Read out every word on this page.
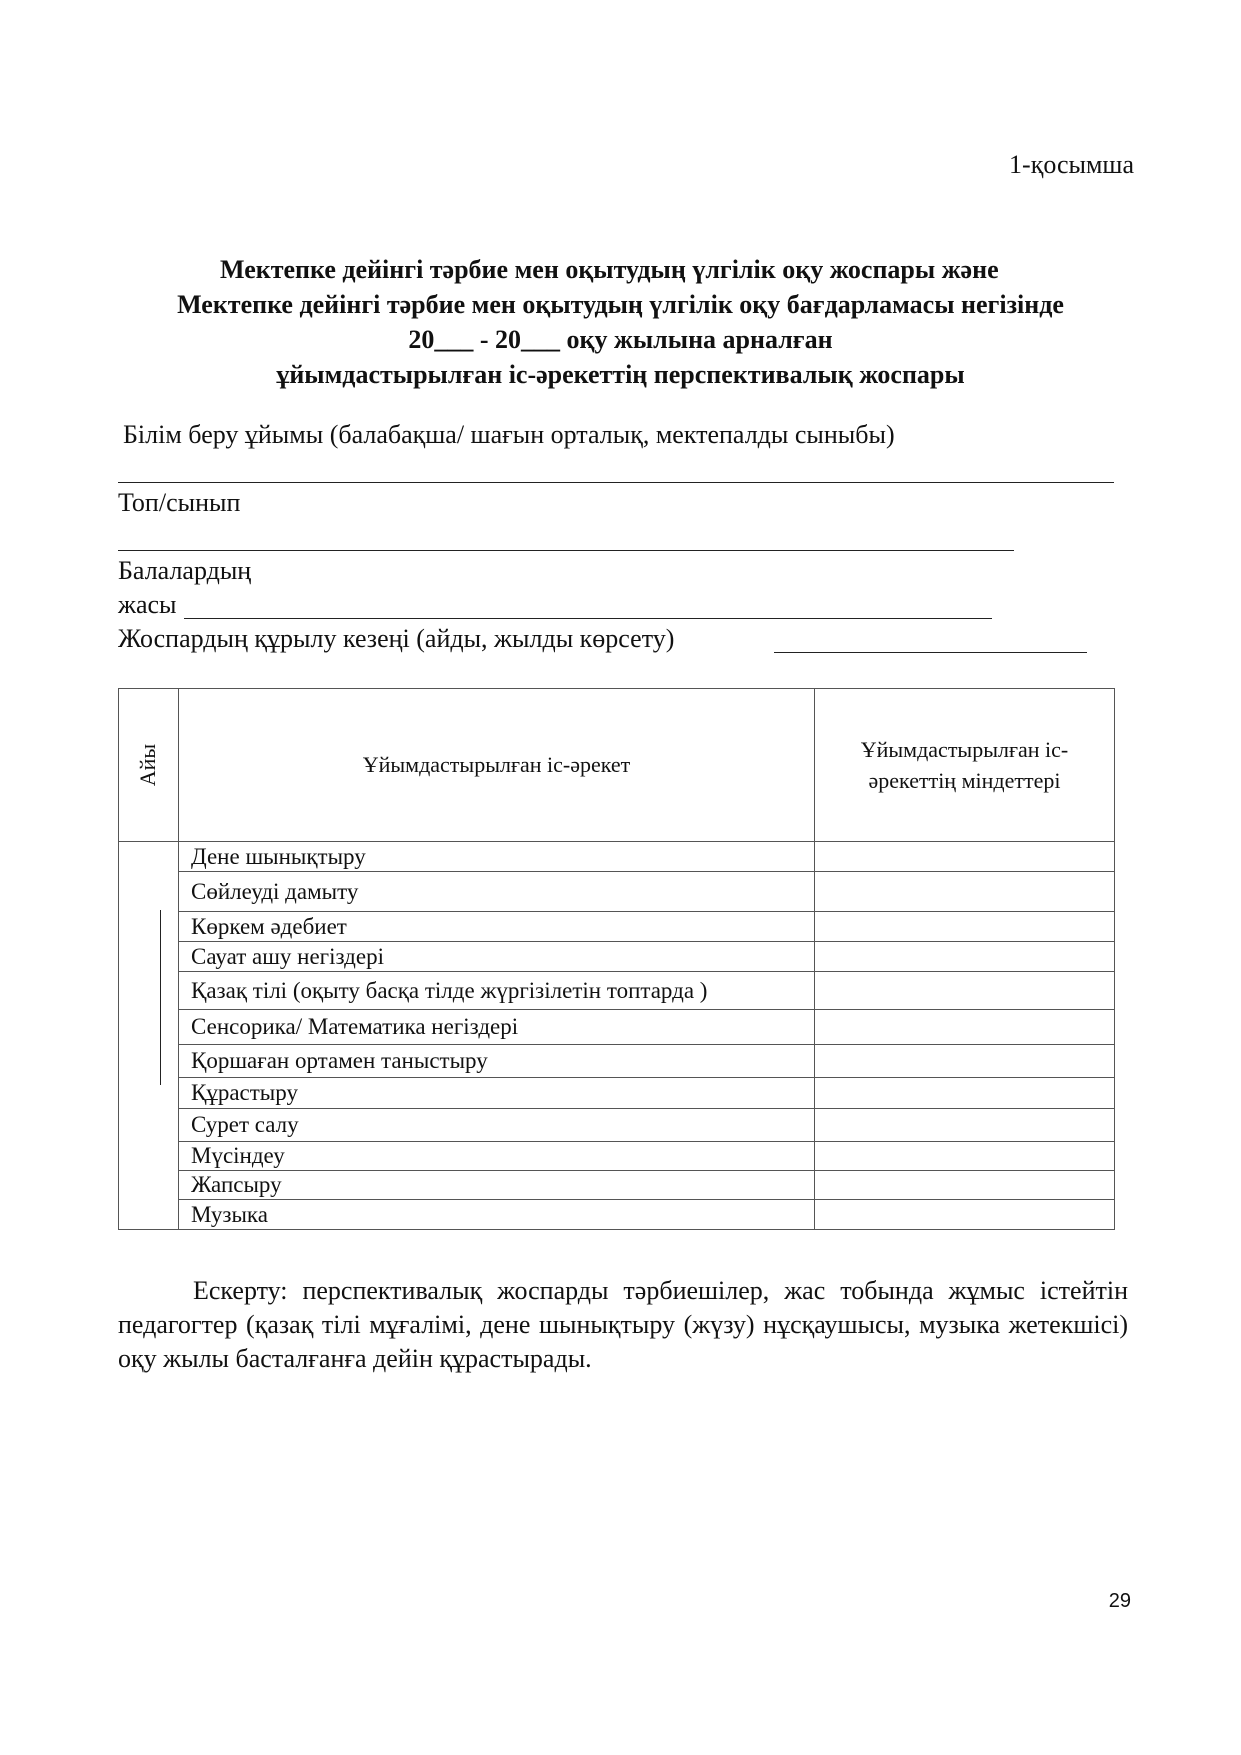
1-қосымша
Мектепке дейінгі тәрбие мен оқытудың үлгілік оқу жоспары және
Мектепке дейінгі тәрбие мен оқытудың үлгілік оқу бағдарламасы негізінде
20___ - 20___ оқу жылына арналған
ұйымдастырылған іс-әрекеттің перспективалық жоспары
Білім беру ұйымы (балабақша/ шағын орталық, мектепалды сыныбы)
Топ/сынып
Балалардың
жасы
Жоспардың құрылу кезеңі (айды, жылды көрсету)
Айы	Ұйымдастырылған іс-әрекет	Ұйымдастырылған іс-әрекеттің міндеттері

	Дене шынықтыру	
	Сөйлеуді дамыту	
	Көркем әдебиет	
	Сауат ашу негіздері	
	Қазақ тілі (оқыту басқа тілде жүргізілетін топтарда )	
	Сенсорика/ Математика негіздері	
	Қоршаған ортамен таныстыру	
	Құрастыру	
	Сурет салу	
	Мүсіндеу	
	Жапсыру	
	Музыка	
Ескерту: перспективалық жоспарды тәрбиешілер, жас тобында жұмыс істейтін педагогтер (қазақ тілі мұғалімі, дене шынықтыру (жүзу) нұсқаушысы, музыка жетекшісі) оқу жылы басталғанға дейін құрастырады.
29
